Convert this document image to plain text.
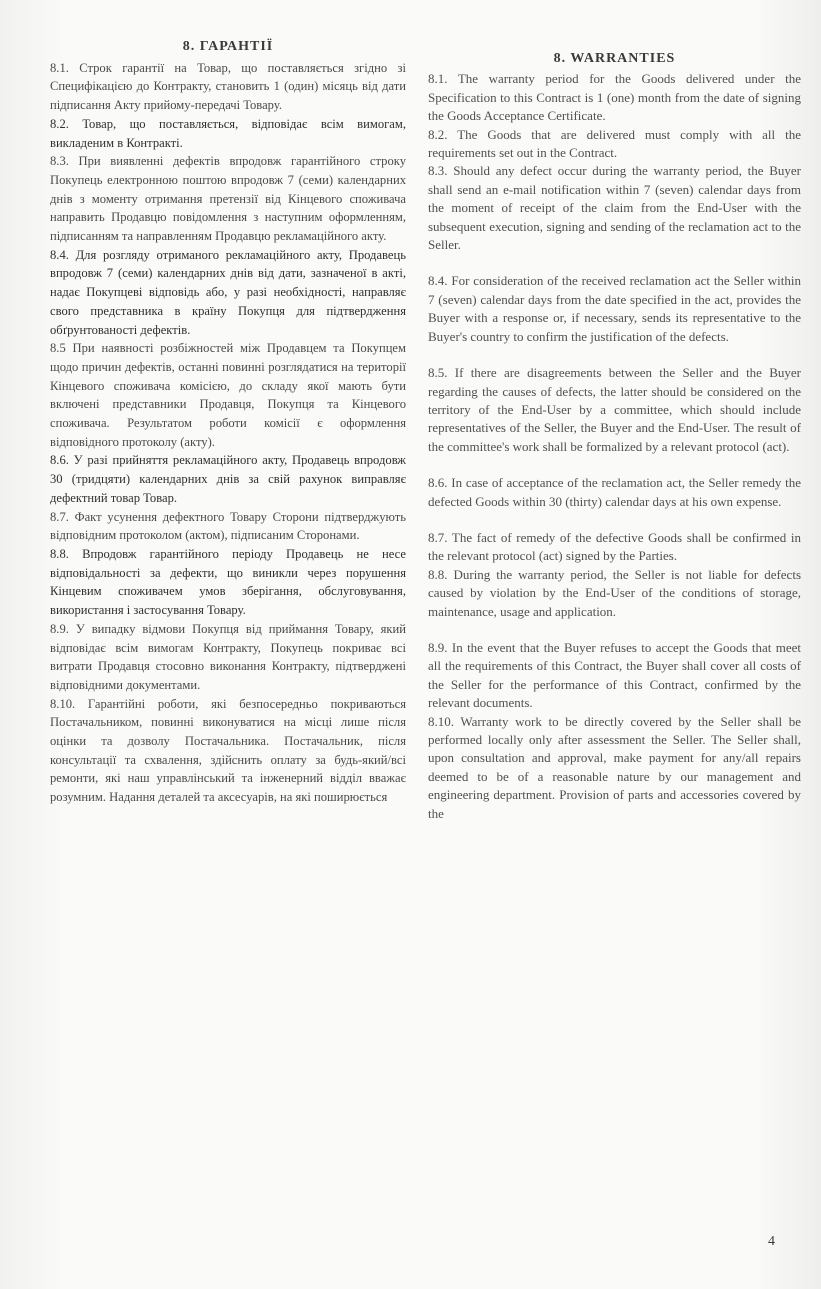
8. ГАРАНТІЇ

8.1. Строк гарантії на Товар, що поставляється згідно зі Специфікацією до Контракту, становить 1 (один) місяць від дати підписання Акту прийому-передачі Товару.

8.2. Товар, що поставляється, відповідає всім вимогам, викладеним в Контракті.

8.3. При виявленні дефектів впродовж гарантійного строку Покупець електронною поштою впродовж 7 (семи) календарних днів з моменту отримання претензії від Кінцевого споживача направить Продавцю повідомлення з наступним оформленням, підписанням та направленням Продавцю рекламаційного акту.

8.4. Для розгляду отриманого рекламаційного акту, Продавець впродовж 7 (семи) календарних днів від дати, зазначеної в акті, надає Покупцеві відповідь або, у разі необхідності, направляє свого представника в країну Покупця для підтвердження обґрунтованості дефектів.

8.5 При наявності розбіжностей між Продавцем та Покупцем щодо причин дефектів, останні повинні розглядатися на території Кінцевого споживача комісією, до складу якої мають бути включені представники Продавця, Покупця та Кінцевого споживача. Результатом роботи комісії є оформлення відповідного протоколу (акту).

8.6. У разі прийняття рекламаційного акту, Продавець впродовж 30 (тридцяти) календарних днів за свій рахунок виправляє дефектний товар Товар.

8.7. Факт усунення дефектного Товару Сторони підтверджують відповідним протоколом (актом), підписаним Сторонами.

8.8. Впродовж гарантійного періоду Продавець не несе відповідальності за дефекти, що виникли через порушення Кінцевим споживачем умов зберігання, обслуговування, використання і застосування Товару.

8.9. У випадку відмови Покупця від приймання Товару, який відповідає всім вимогам Контракту, Покупець покриває всі витрати Продавця стосовно виконання Контракту, підтверджені відповідними документами.

8.10. Гарантійні роботи, які безпосередньо покриваються Постачальником, повинні виконуватися на місці лише після оцінки та дозволу Постачальника. Постачальник, після консультації та схвалення, здійснить оплату за будь-який/всі ремонти, які наш управлінський та інженерний відділ вважає розумним. Надання деталей та аксесуарів, на які поширюється

8. WARRANTIES

8.1. The warranty period for the Goods delivered under the Specification to this Contract is 1 (one) month from the date of signing the Goods Acceptance Certificate.

8.2. The Goods that are delivered must comply with all the requirements set out in the Contract.

8.3. Should any defect occur during the warranty period, the Buyer shall send an e-mail notification within 7 (seven) calendar days from the moment of receipt of the claim from the End-User with the subsequent execution, signing and sending of the reclamation act to the Seller.

8.4. For consideration of the received reclamation act the Seller within 7 (seven) calendar days from the date specified in the act, provides the Buyer with a response or, if necessary, sends its representative to the Buyer's country to confirm the justification of the defects.

8.5. If there are disagreements between the Seller and the Buyer regarding the causes of defects, the latter should be considered on the territory of the End-User by a committee, which should include representatives of the Seller, the Buyer and the End-User. The result of the committee's work shall be formalized by a relevant protocol (act).

8.6. In case of acceptance of the reclamation act, the Seller remedy the defected Goods within 30 (thirty) calendar days at his own expense.

8.7. The fact of remedy of the defective Goods shall be confirmed in the relevant protocol (act) signed by the Parties.

8.8. During the warranty period, the Seller is not liable for defects caused by violation by the End-User of the conditions of storage, maintenance, usage and application.

8.9. In the event that the Buyer refuses to accept the Goods that meet all the requirements of this Contract, the Buyer shall cover all costs of the Seller for the performance of this Contract, confirmed by the relevant documents.

8.10. Warranty work to be directly covered by the Seller shall be performed locally only after assessment the Seller. The Seller shall, upon consultation and approval, make payment for any/all repairs deemed to be of a reasonable nature by our management and engineering department. Provision of parts and accessories covered by the

4
